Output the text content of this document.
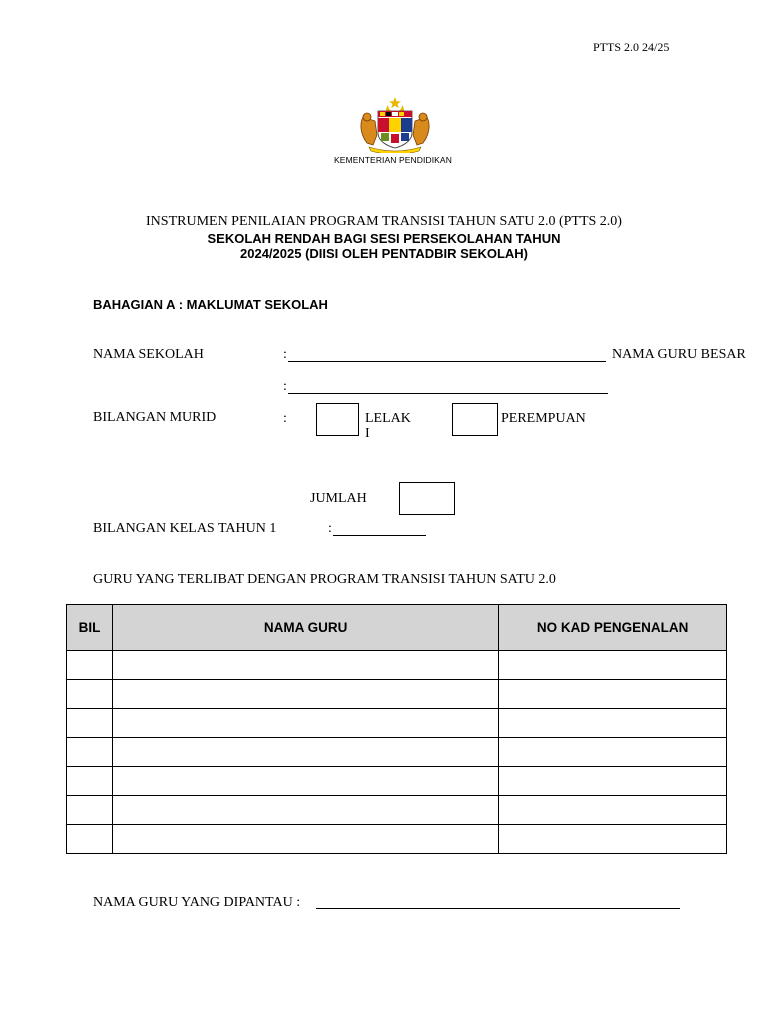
PTTS 2.0 24/25
KEMENTERIAN PENDIDIKAN
INSTRUMEN PENILAIAN PROGRAM TRANSISI TAHUN SATU 2.0 (PTTS 2.0)
SEKOLAH RENDAH BAGI SESI PERSEKOLAHAN TAHUN
2024/2025 (DIISI OLEH PENTADBIR SEKOLAH)
BAHAGIAN A : MAKLUMAT SEKOLAH
NAMA SEKOLAH	:	NAMA GURU BESAR
:
BILANGAN MURID	:	LELAK
I
PEREMPUAN
JUMLAH
BILANGAN KELAS TAHUN 1	:
GURU YANG TERLIBAT DENGAN PROGRAM TRANSISI TAHUN SATU 2.0
BIL	NAMA GURU	NO KAD PENGENALAN

NAMA GURU YANG DIPANTAU :
